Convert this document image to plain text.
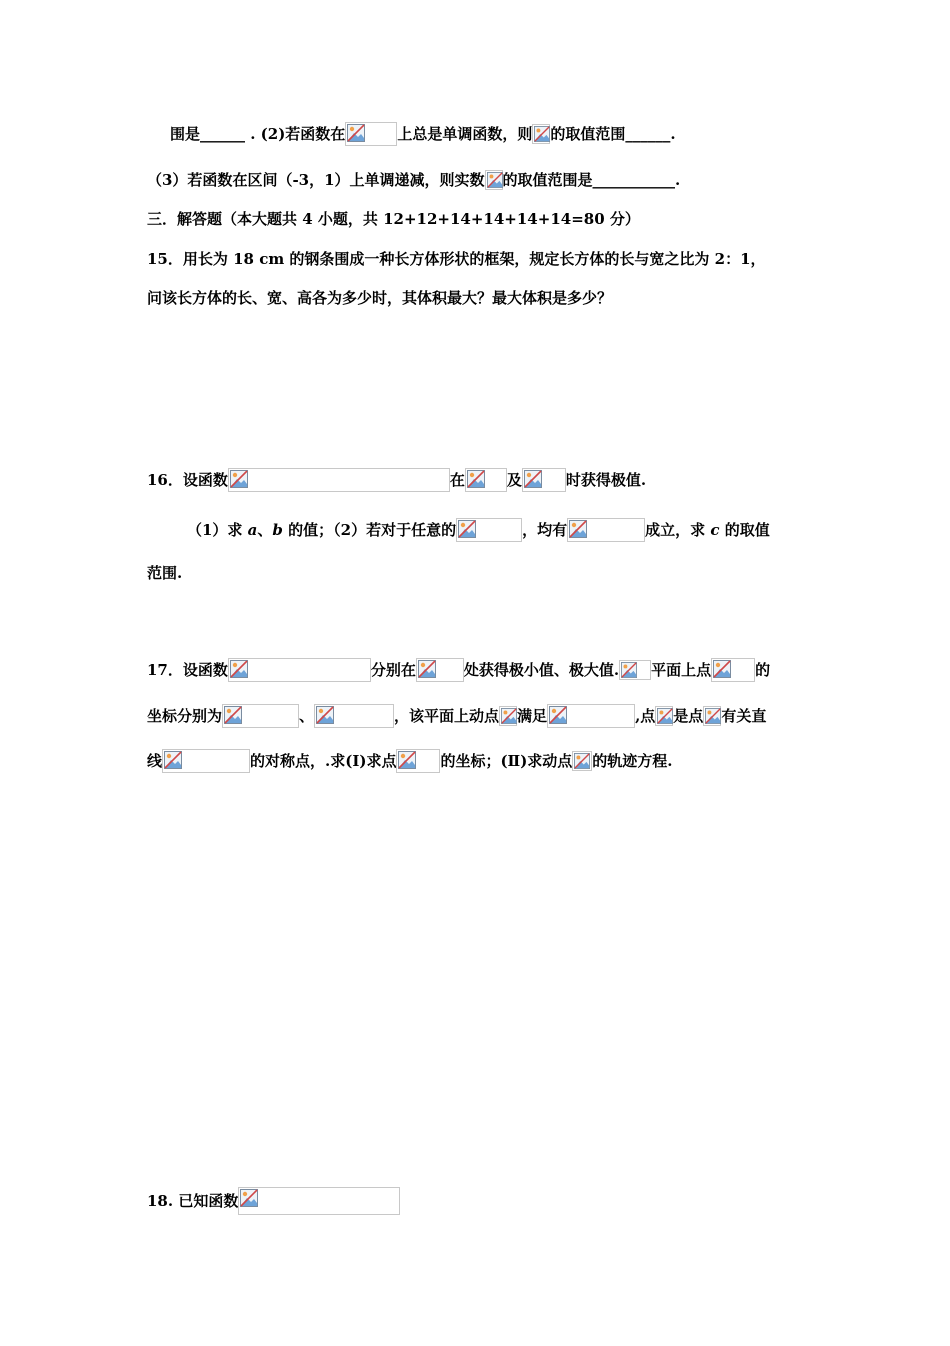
围是______ . (2)若函数在	上总是单调函数，则 的取值范围______.
（3）若函数在区间（-3，1）上单调递减，则实数 的取值范围是___________.
三．解答题（本大题共 4 小题，共 12+12+14+14+14+14=80 分）
15．用长为 18 cm 的钢条围成一种长方体形状的框架，规定长方体的长与宽之比为 2：1，
问该长方体的长、宽、高各为多少时，其体积最大？最大体积是多少？
16．设函数	在	及	时获得极值.
（1）求 a、b 的值；（2）若对于任意的	，均有	成立，求 c 的取值
范围.
17．设函数	分别在	处获得极小值、极大值. 平面上点	的
坐标分别为	、	，该平面上动点 满足	,点 是点 有关直
线	的对称点，.求(Ⅰ)求点	的坐标；(Ⅱ)求动点 的轨迹方程.
18. 已知函数
